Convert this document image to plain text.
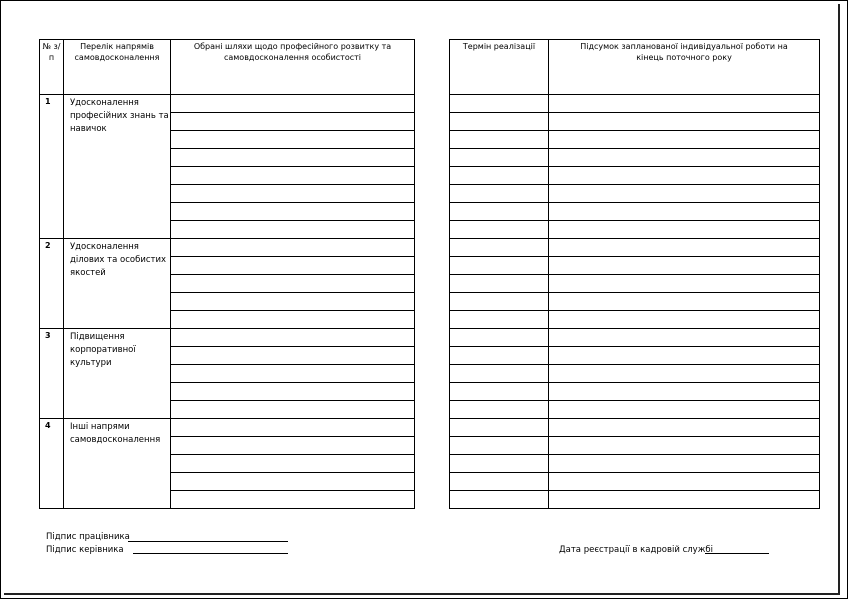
№ з/п	Перелік напрямів самовдосконалення	Обрані шляхи щодо професійного розвитку та самовдосконалення особистості
1	Удосконалення професійних знань та навичок	

2	Удосконалення ділових та особистих якостей	

3	Підвищення корпоративної культури	

4	Інші напрями самовдосконалення	

Термін реалізації	Підсумок запланованої індивідуальної роботи на кінець поточного року

Підпис працівника
Підпис керівника	Дата реєстрації в кадровій службі
